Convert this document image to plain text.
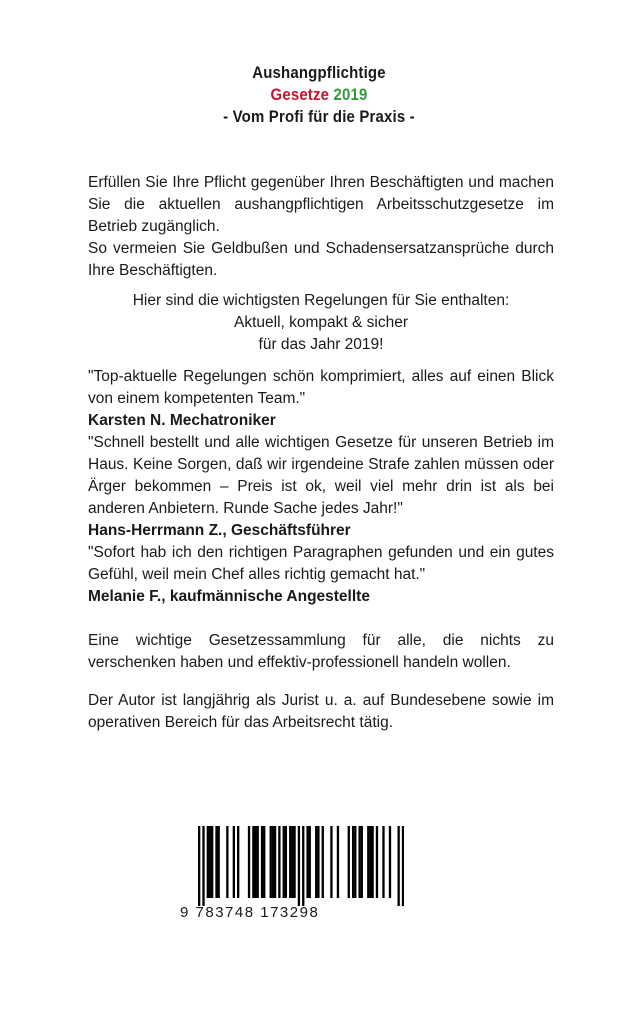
Aushangpflichtige
Gesetze 2019
- Vom Profi für die Praxis -

Erfüllen Sie Ihre Pflicht gegenüber Ihren Beschäftigten und machen Sie die aktuellen aushangpflichtigen Arbeitsschutzgesetze im Betrieb zugänglich.

So vermeien Sie Geldbußen und Schadensersatzansprüche durch Ihre Beschäftigten.

Hier sind die wichtigsten Regelungen für Sie enthalten:
Aktuell, kompakt & sicher
für das Jahr 2019!
"Top-aktuelle Regelungen schön komprimiert, alles auf einen Blick von einem kompetenten Team."
Karsten N. Mechatroniker
"Schnell bestellt und alle wichtigen Gesetze für unseren Betrieb im Haus. Keine Sorgen, daß wir irgendeine Strafe zahlen müssen oder Ärger bekommen – Preis ist ok, weil viel mehr drin ist als bei anderen Anbietern. Runde Sache jedes Jahr!"
Hans-Herrmann Z., Geschäftsführer
"Sofort hab ich den richtigen Paragraphen gefunden und ein gutes Gefühl, weil mein Chef alles richtig gemacht hat."
Melanie F., kaufmännische Angestellte

Eine wichtige Gesetzessammlung für alle, die nichts zu verschenken haben und effektiv-professionell handeln wollen.

Der Autor ist langjährig als Jurist u. a. auf Bundesebene sowie im operativen Bereich für das Arbeitsrecht tätig.

9 783748 173298
